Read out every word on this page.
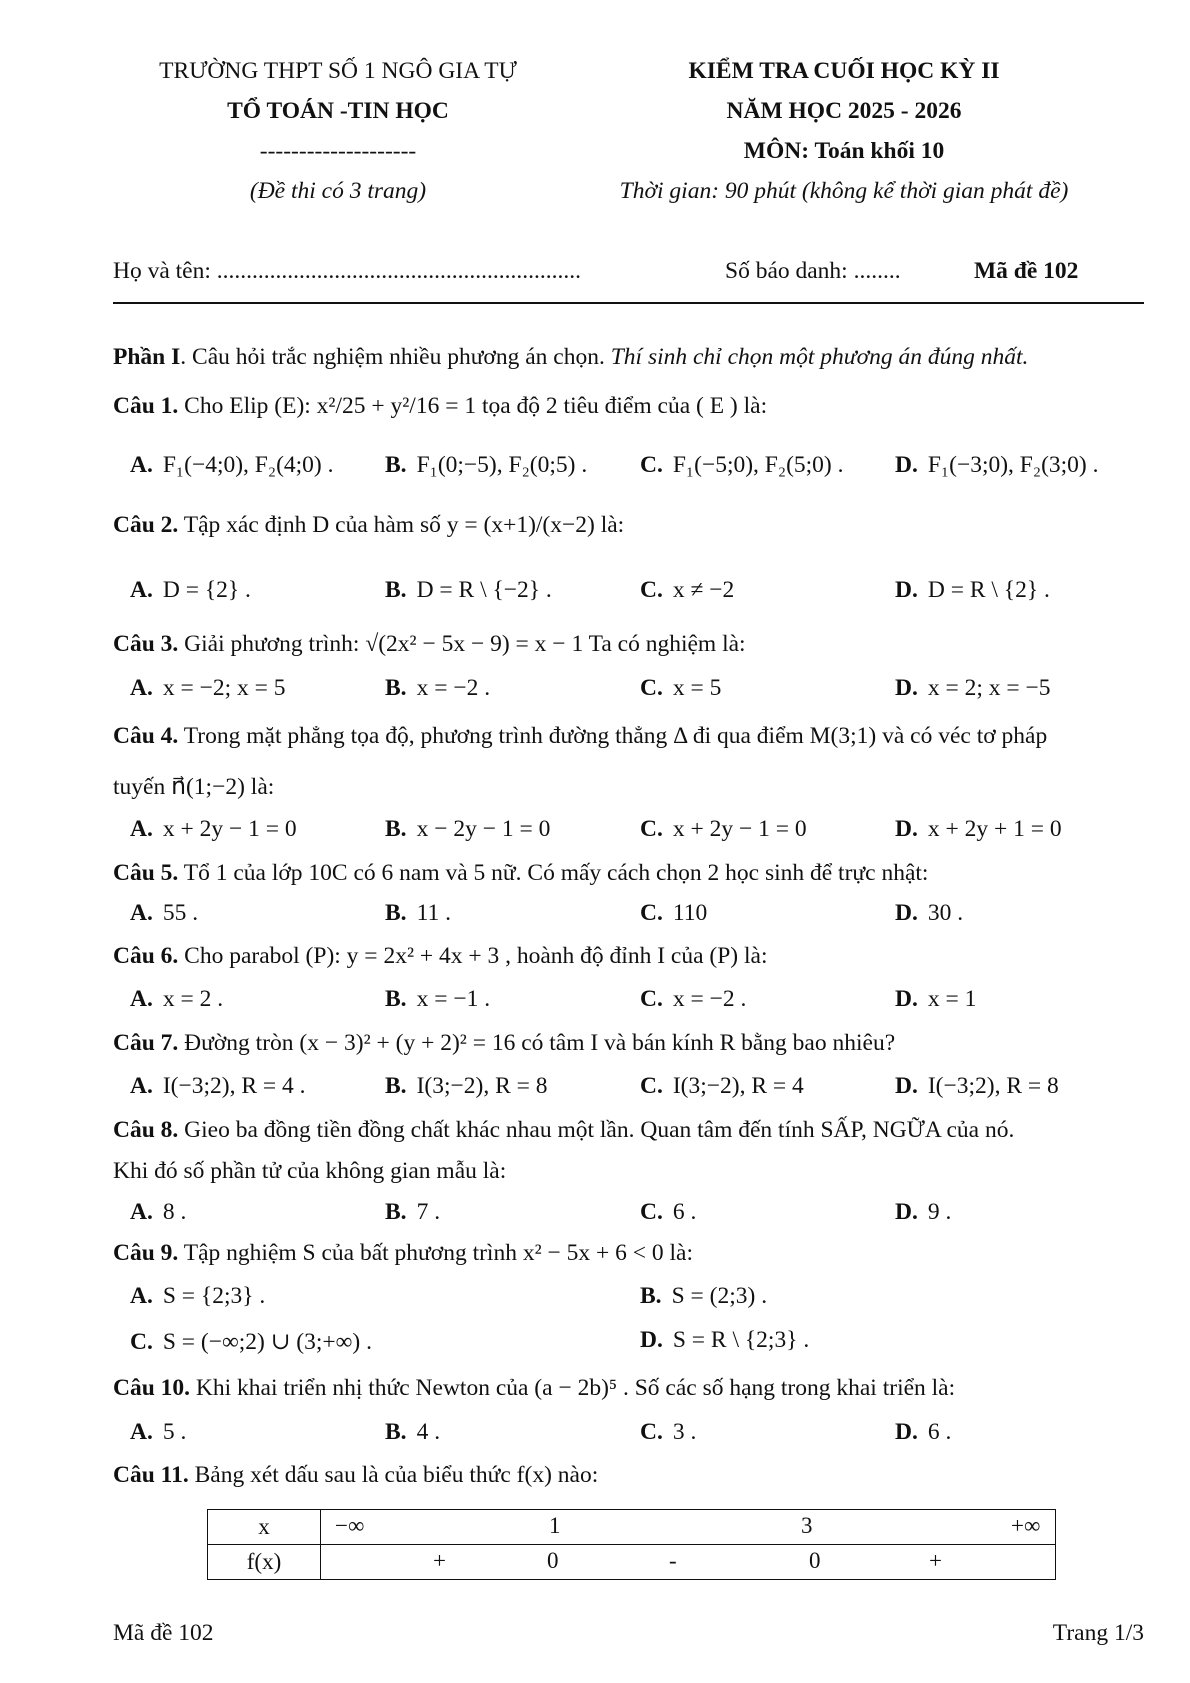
TRƯỜNG THPT SỐ 1 NGÔ GIA TỰ
TỔ TOÁN -TIN HỌC
--------------------
(Đề thi có 3 trang)
KIỂM TRA CUỐI HỌC KỲ II
NĂM HỌC 2025 - 2026
MÔN: Toán khối 10
Thời gian: 90 phút (không kể thời gian phát đề)
Họ và tên: ..............................................................	Số báo danh: ........	Mã đề 102
Phần I. Câu hỏi trắc nghiệm nhiều phương án chọn. Thí sinh chỉ chọn một phương án đúng nhất.
Câu 1. Cho Elip (E): x²/25 + y²/16 = 1 tọa độ 2 tiêu điểm của ( E ) là:
A. F₁(−4;0), F₂(4;0) . B. F₁(0;−5), F₂(0;5) . C. F₁(−5;0), F₂(5;0) . D. F₁(−3;0), F₂(3;0) .
Câu 2. Tập xác định D của hàm số y = (x+1)/(x−2) là:
A. D = {2} .	B. D = R \ {−2} .	C. x ≠ −2	D. D = R \ {2} .
Câu 3. Giải phương trình: √(2x² − 5x − 9) = x − 1 Ta có nghiệm là:
A. x = −2; x = 5	B. x = −2 .	C. x = 5	D. x = 2; x = −5
Câu 4. Trong mặt phẳng tọa độ, phương trình đường thẳng Δ đi qua điểm M(3;1) và có véc tơ pháp
tuyến n⃗(1;−2) là:
A. x + 2y − 1 = 0	B. x − 2y − 1 = 0	C. x + 2y − 1 = 0	D. x + 2y + 1 = 0
Câu 5. Tổ 1 của lớp 10C có 6 nam và 5 nữ. Có mấy cách chọn 2 học sinh để trực nhật:
A. 55 .	B. 11 .	C. 110	D. 30 .
Câu 6. Cho parabol (P): y = 2x² + 4x + 3 , hoành độ đỉnh I của (P) là:
A. x = 2 .	B. x = −1 .	C. x = −2 .	D. x = 1
Câu 7. Đường tròn (x − 3)² + (y + 2)² = 16 có tâm I và bán kính R bằng bao nhiêu?
A. I(−3;2), R = 4 .	B. I(3;−2), R = 8	C. I(3;−2), R = 4	D. I(−3;2), R = 8
Câu 8. Gieo ba đồng tiền đồng chất khác nhau một lần. Quan tâm đến tính SẤP, NGỮA của nó.
Khi đó số phần tử của không gian mẫu là:
A. 8 .	B. 7 .	C. 6 .	D. 9 .
Câu 9. Tập nghiệm S của bất phương trình x² − 5x + 6 < 0 là:
A. S = {2;3} .	B. S = (2;3) .
C. S = (−∞;2) ∪ (3;+∞) .	D. S = R \ {2;3} .
Câu 10. Khi khai triển nhị thức Newton của (a − 2b)⁵ . Số các số hạng trong khai triển là:
A. 5 .	B. 4 .	C. 3 .	D. 6 .
Câu 11. Bảng xét dấu sau là của biểu thức f(x) nào:
x	−∞ 1 3 +∞

f(x)	+ 0 - 0 +
Mã đề 102	Trang 1/3
